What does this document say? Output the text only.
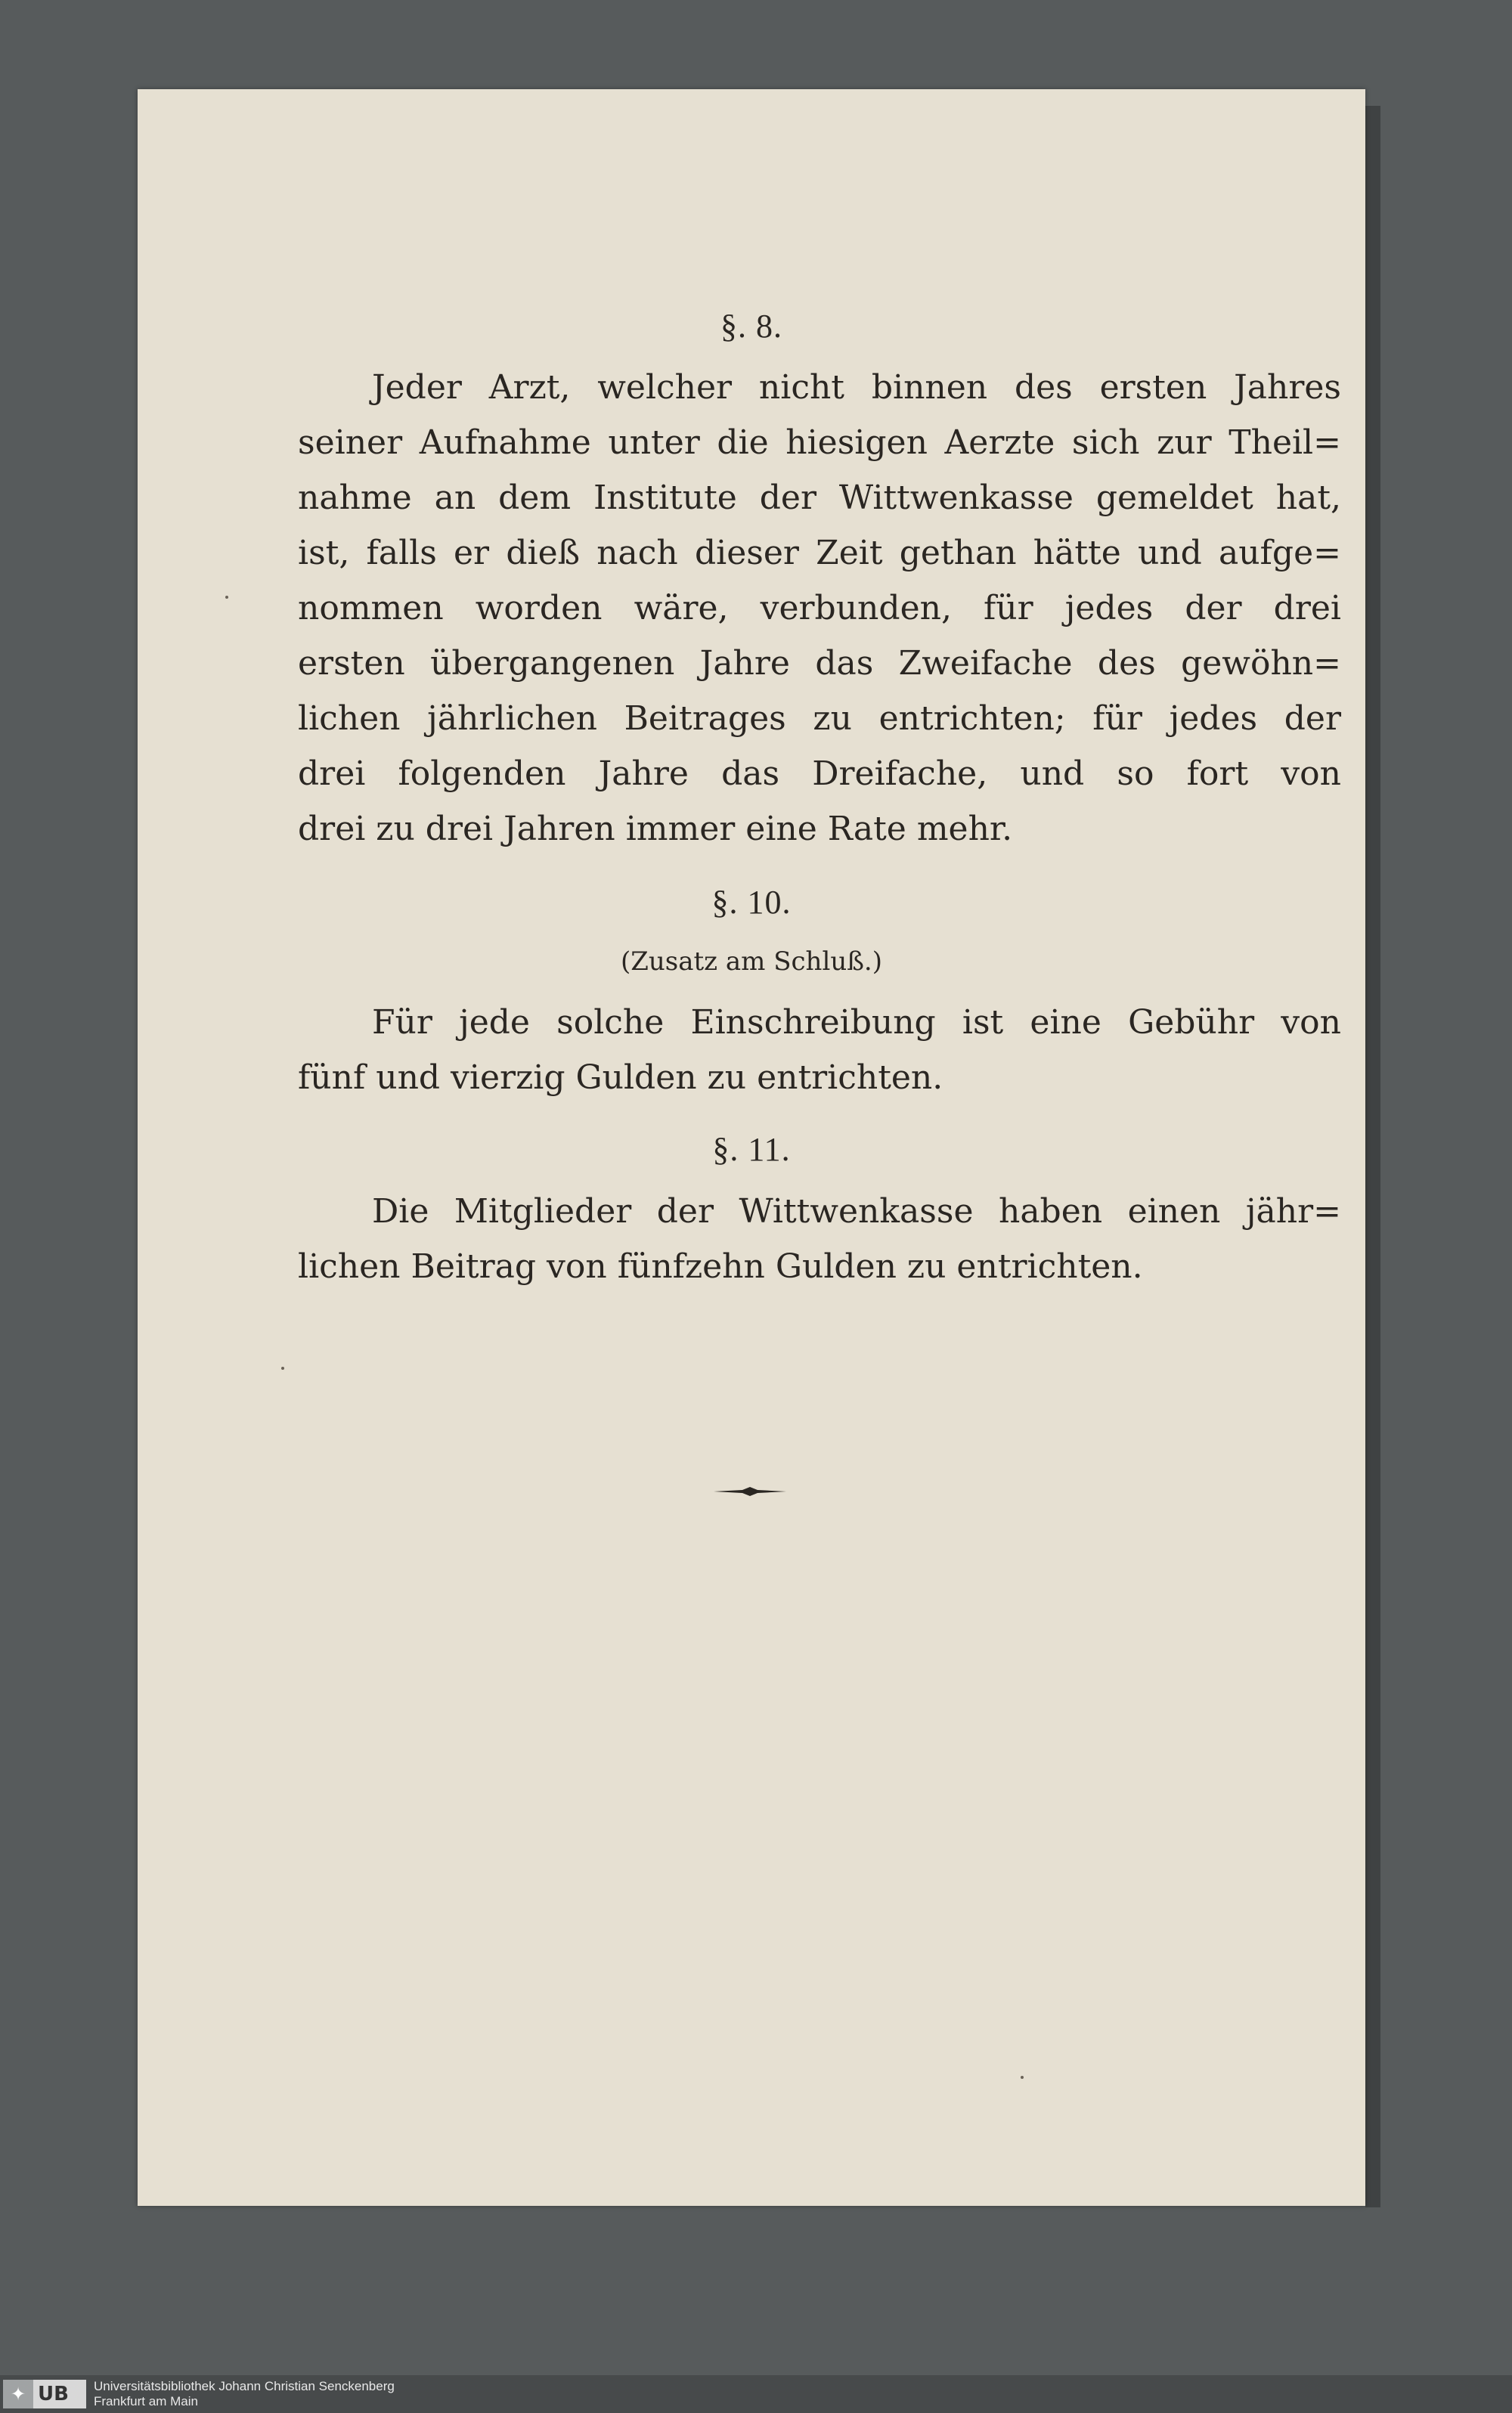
§. 8.
Jeder Arzt, welcher nicht binnen des ersten Jahres
seiner Aufnahme unter die hiesigen Aerzte sich zur Theil=
nahme an dem Institute der Wittwenkasse gemeldet hat,
ist, falls er dieß nach dieser Zeit gethan hätte und aufge=
nommen worden wäre, verbunden, für jedes der drei
ersten übergangenen Jahre das Zweifache des gewöhn=
lichen jährlichen Beitrages zu entrichten; für jedes der
drei folgenden Jahre das Dreifache, und so fort von
drei zu drei Jahren immer eine Rate mehr.
§. 10.
(Zusatz am Schluß.)
Für jede solche Einschreibung ist eine Gebühr von
fünf und vierzig Gulden zu entrichten.
§. 11.
Die Mitglieder der Wittwenkasse haben einen jähr=
lichen Beitrag von fünfzehn Gulden zu entrichten.
✦ UB Universitätsbibliothek Johann Christian Senckenberg
Frankfurt am Main
